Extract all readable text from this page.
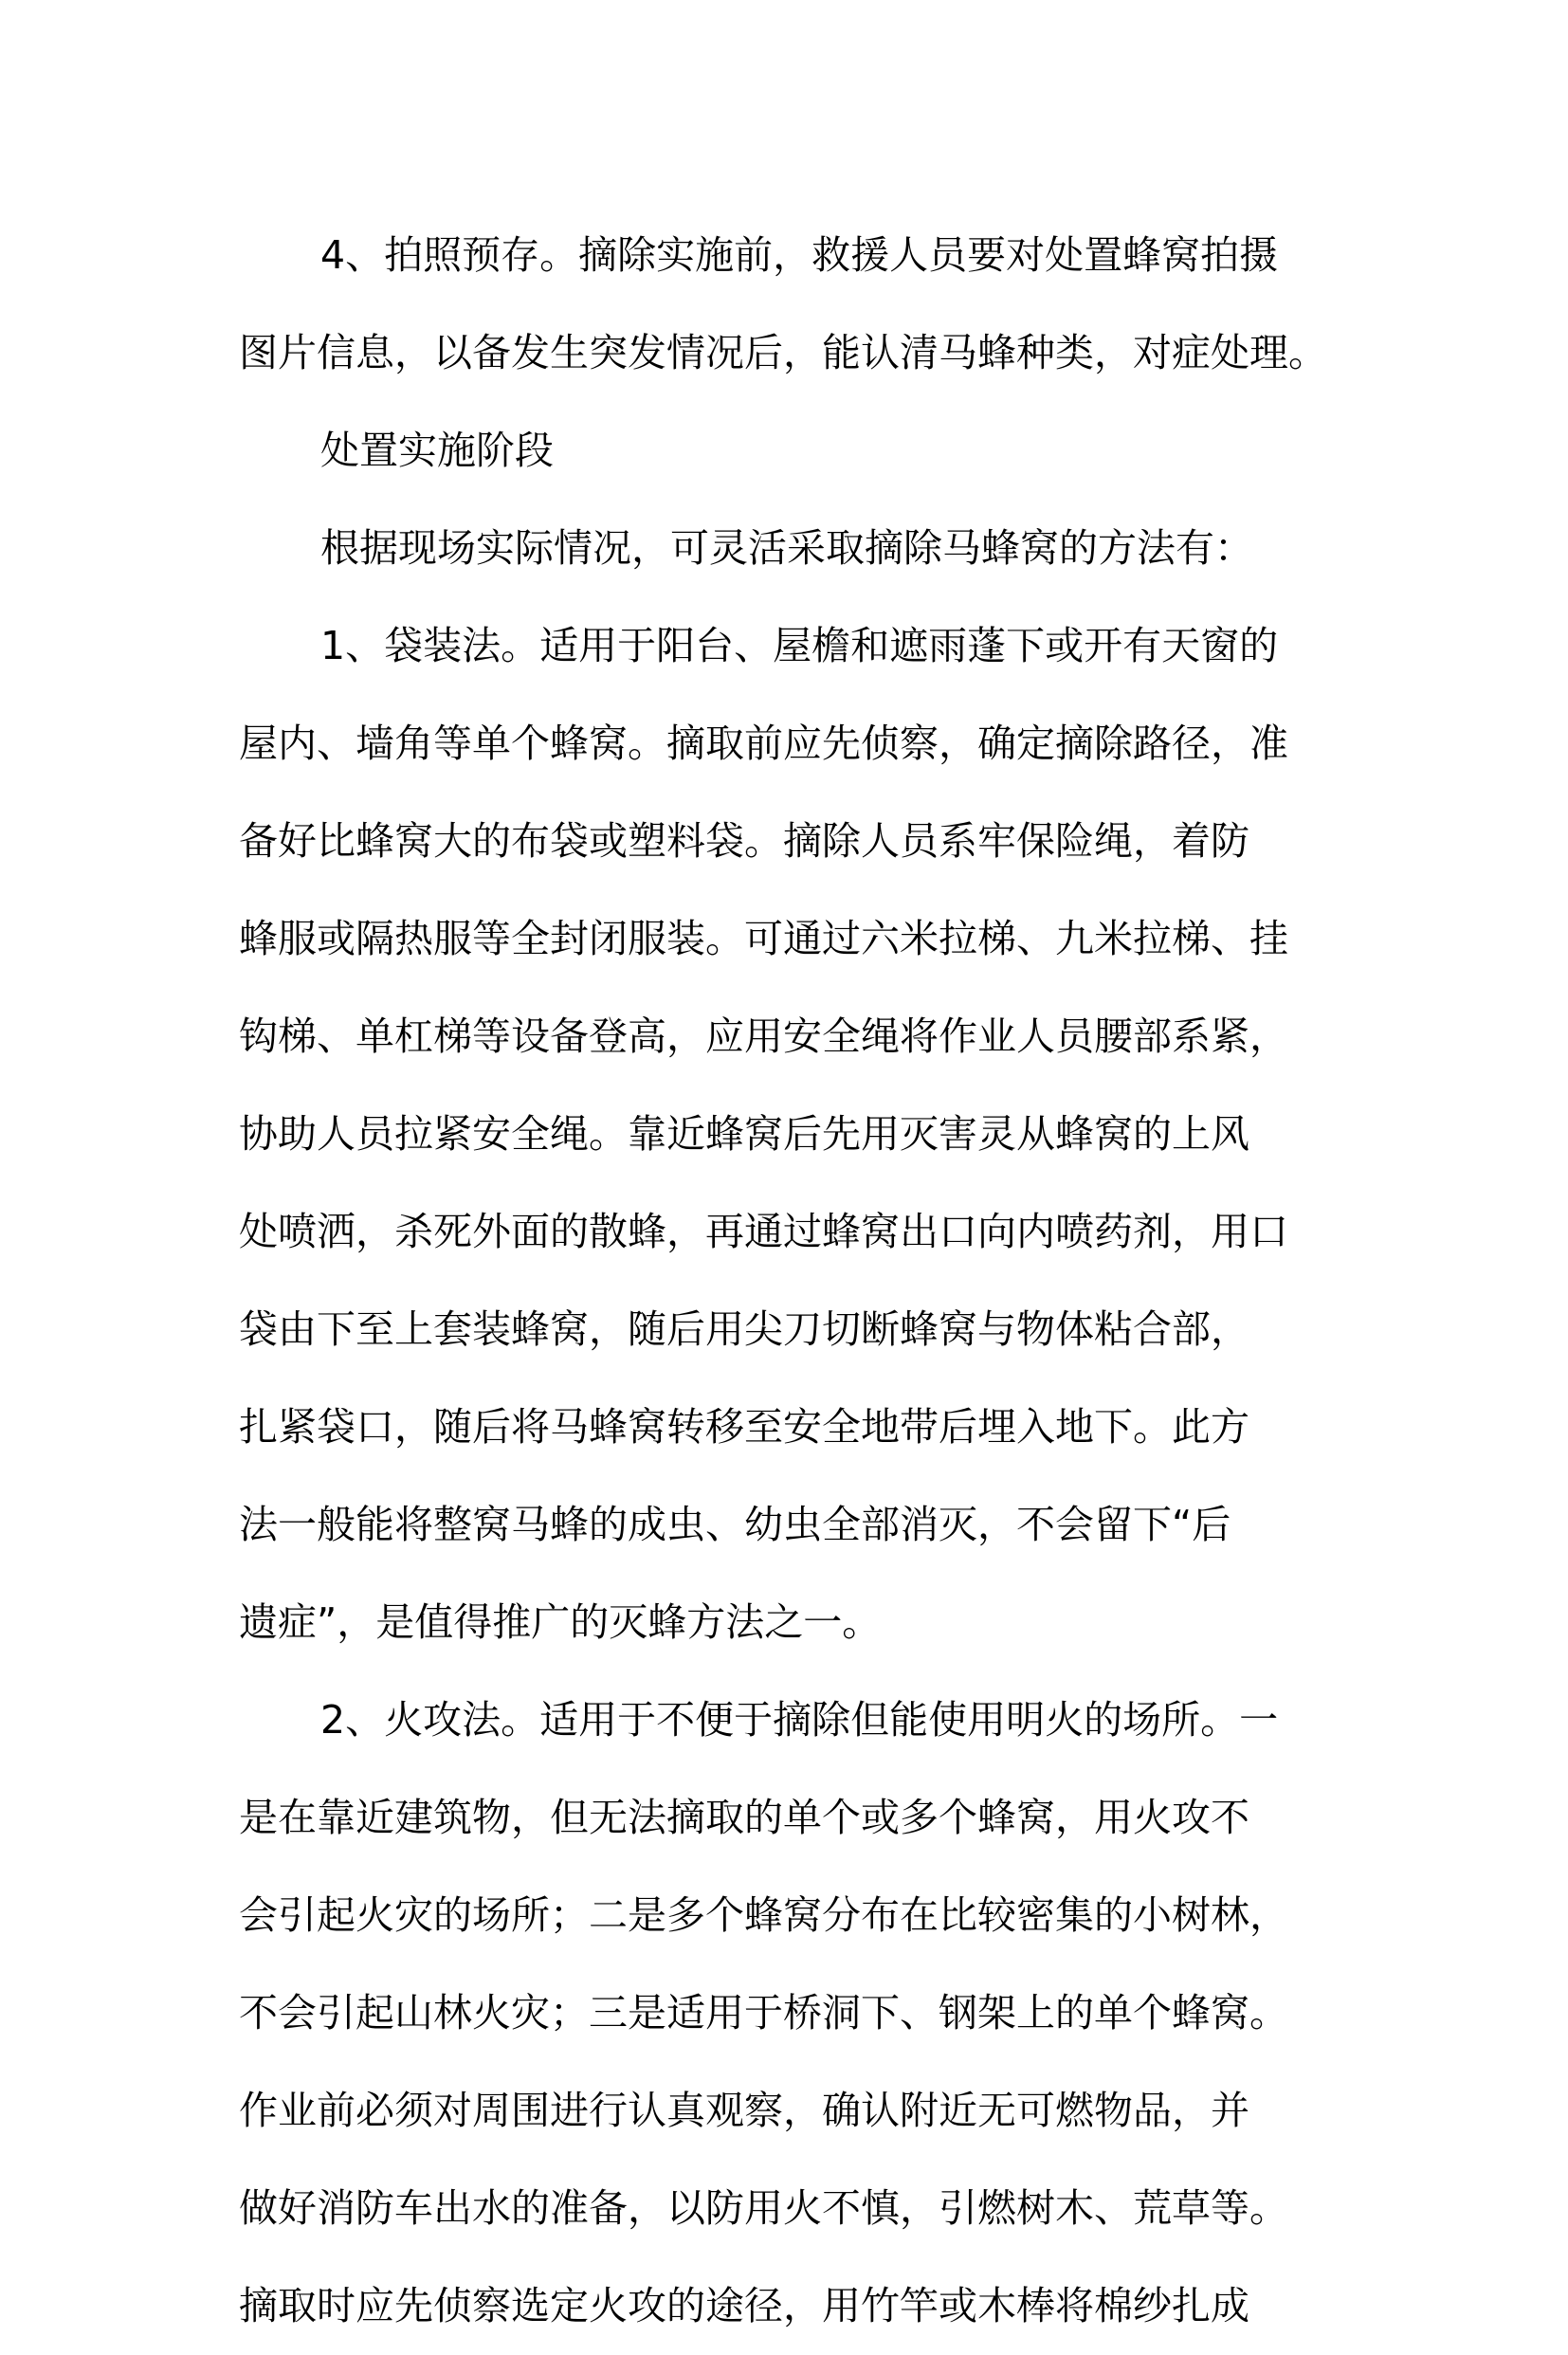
4、拍照预存。摘除实施前，救援人员要对处置蜂窝拍摄
图片信息，以备发生突发情况后，能认清马蜂种类，对症处理。
处置实施阶段
根据现场实际情况，可灵活采取摘除马蜂窝的方法有：
1、袋装法。适用于阳台、屋檐和遮雨蓬下或开有天窗的
屋内、墙角等单个蜂窝。摘取前应先侦察，确定摘除路径，准
备好比蜂窝大的布袋或塑料袋。摘除人员系牢保险绳，着防
蜂服或隔热服等全封闭服装。可通过六米拉梯、九米拉梯、挂
钩梯、单杠梯等设备登高，应用安全绳将作业人员腰部系紧，
协助人员拉紧安全绳。靠近蜂窝后先用灭害灵从蜂窝的上风
处喷洒，杀死外面的散蜂，再通过蜂窝出口向内喷药剂，用口
袋由下至上套装蜂窝，随后用尖刀切断蜂窝与物体粘合部，
扎紧袋口，随后将马蜂窝转移至安全地带后埋入地下。此方
法一般能将整窝马蜂的成虫、幼虫全部消灭，不会留下“后
遗症”，是值得推广的灭蜂方法之一。
2、火攻法。适用于不便于摘除但能使用明火的场所。一
是在靠近建筑物，但无法摘取的单个或多个蜂窝，用火攻不
会引起火灾的场所；二是多个蜂窝分布在比较密集的小树林，
不会引起山林火灾；三是适用于桥洞下、钢架上的单个蜂窝。
作业前必须对周围进行认真观察，确认附近无可燃物品，并
做好消防车出水的准备，以防用火不慎，引燃树木、荒草等。
摘取时应先侦察选定火攻的途径，用竹竿或木棒将棉纱扎成
